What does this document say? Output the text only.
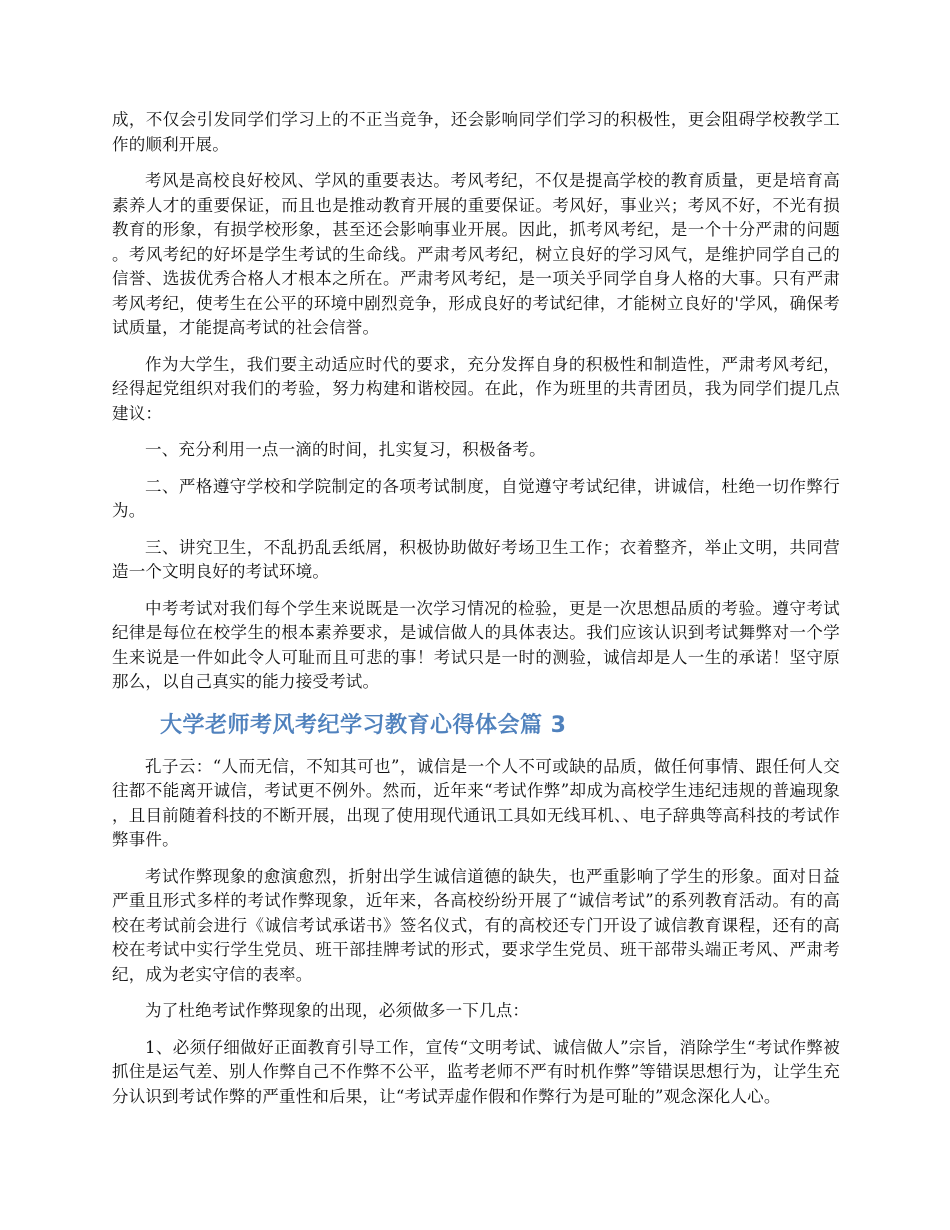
成，不仅会引发同学们学习上的不正当竞争，还会影响同学们学习的积极性，更会阻碍学校教学工作的顺利开展。

考风是高校良好校风、学风的重要表达。考风考纪，不仅是提高学校的教育质量，更是培育高素养人才的重要保证，而且也是推动教育开展的重要保证。考风好，事业兴；考风不好，不光有损教育的形象，有损学校形象，甚至还会影响事业开展。因此，抓考风考纪，是一个十分严肃的问题。考风考纪的好坏是学生考试的生命线。严肃考风考纪，树立良好的学习风气，是维护同学自己的信誉、选拔优秀合格人才根本之所在。严肃考风考纪，是一项关乎同学自身人格的大事。只有严肃考风考纪，使考生在公平的环境中剧烈竞争，形成良好的考试纪律，才能树立良好的'学风，确保考试质量，才能提高考试的社会信誉。

作为大学生，我们要主动适应时代的要求，充分发挥自身的积极性和制造性，严肃考风考纪，经得起党组织对我们的考验，努力构建和谐校园。在此，作为班里的共青团员，我为同学们提几点建议：

一、充分利用一点一滴的时间，扎实复习，积极备考。

二、严格遵守学校和学院制定的各项考试制度，自觉遵守考试纪律，讲诚信，杜绝一切作弊行为。

三、讲究卫生，不乱扔乱丢纸屑，积极协助做好考场卫生工作；衣着整齐，举止文明，共同营造一个文明良好的考试环境。

中考考试对我们每个学生来说既是一次学习情况的检验，更是一次思想品质的考验。遵守考试纪律是每位在校学生的根本素养要求，是诚信做人的具体表达。我们应该认识到考试舞弊对一个学生来说是一件如此令人可耻而且可悲的事！考试只是一时的测验，诚信却是人一生的承诺！坚守原那么，以自己真实的能力接受考试。

大学老师考风考纪学习教育心得体会篇 3

孔子云：“人而无信，不知其可也”，诚信是一个人不可或缺的品质，做任何事情、跟任何人交往都不能离开诚信，考试更不例外。然而，近年来“考试作弊”却成为高校学生违纪违规的普遍现象，且目前随着科技的不断开展，出现了使用现代通讯工具如无线耳机、、电子辞典等高科技的考试作弊事件。

考试作弊现象的愈演愈烈，折射出学生诚信道德的缺失，也严重影响了学生的形象。面对日益严重且形式多样的考试作弊现象，近年来，各高校纷纷开展了“诚信考试”的系列教育活动。有的高校在考试前会进行《诚信考试承诺书》签名仪式，有的高校还专门开设了诚信教育课程，还有的高校在考试中实行学生党员、班干部挂牌考试的形式，要求学生党员、班干部带头端正考风、严肃考纪，成为老实守信的表率。

为了杜绝考试作弊现象的出现，必须做多一下几点：

1、必须仔细做好正面教育引导工作，宣传“文明考试、诚信做人”宗旨，消除学生“考试作弊被抓住是运气差、别人作弊自己不作弊不公平，监考老师不严有时机作弊”等错误思想行为，让学生充分认识到考试作弊的严重性和后果，让“考试弄虚作假和作弊行为是可耻的”观念深化人心。
